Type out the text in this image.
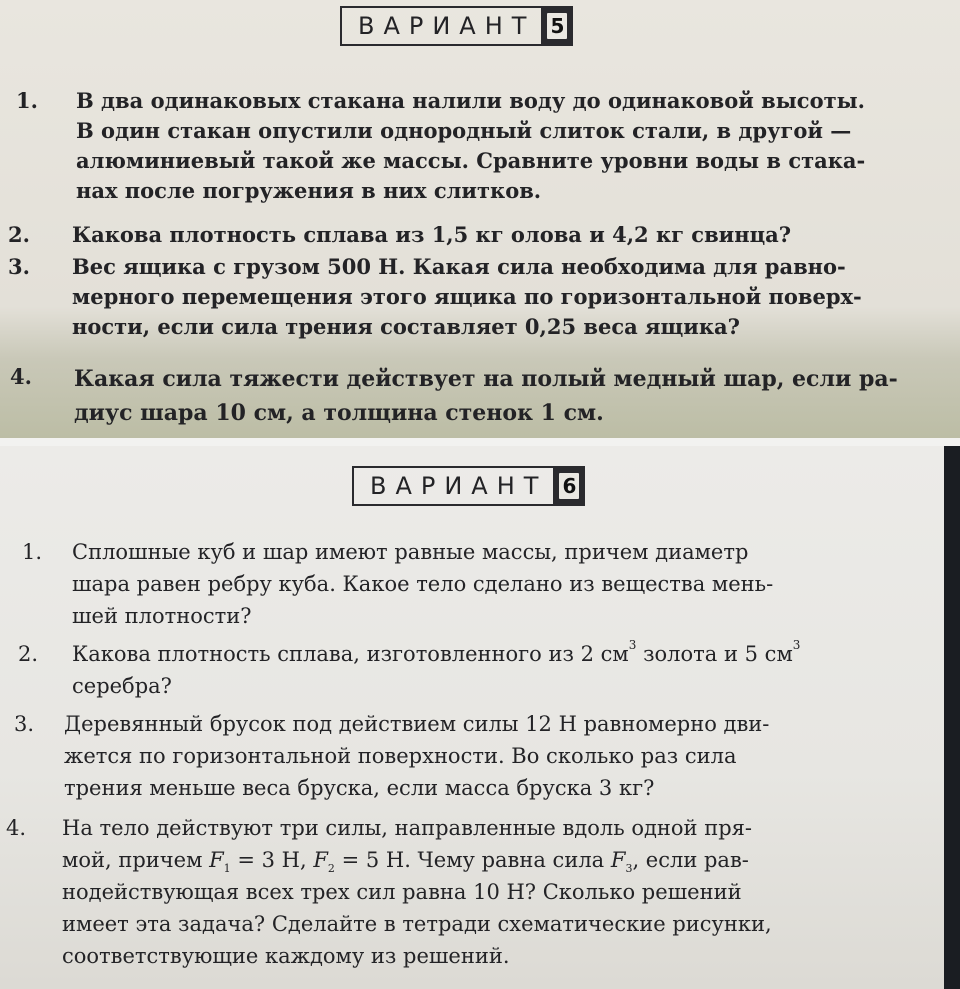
ВАРИАНТ 5
1. В два одинаковых стакана налили воду до одинаковой высоты.
В один стакан опустили однородный слиток стали, в другой —
алюминиевый такой же массы. Сравните уровни воды в стака-
нах после погружения в них слитков.
2. Какова плотность сплава из 1,5 кг олова и 4,2 кг свинца?
3. Вес ящика с грузом 500 Н. Какая сила необходима для равно-
мерного перемещения этого ящика по горизонтальной поверх-
ности, если сила трения составляет 0,25 веса ящика?
4. Какая сила тяжести действует на полый медный шар, если ра-
диус шара 10 см, а толщина стенок 1 см.
ВАРИАНТ 6
1. Сплошные куб и шар имеют равные массы, причем диаметр
шара равен ребру куба. Какое тело сделано из вещества мень-
шей плотности?
2. Какова плотность сплава, изготовленного из 2 $см^3$ золота и 5 $см^3$
серебра?
3. Деревянный брусок под действием силы 12 Н равномерно дви-
жется по горизонтальной поверхности. Во сколько раз сила
трения меньше веса бруска, если масса бруска 3 кг?
4. На тело действуют три силы, направленные вдоль одной пря-
мой, причем $F_1 = 3$ Н, $F_2 = 5$ Н. Чему равна сила $F_3$, если рав-
нодействующая всех трех сил равна 10 Н? Сколько решений
имеет эта задача? Сделайте в тетради схематические рисунки,
соответствующие каждому из решений.
